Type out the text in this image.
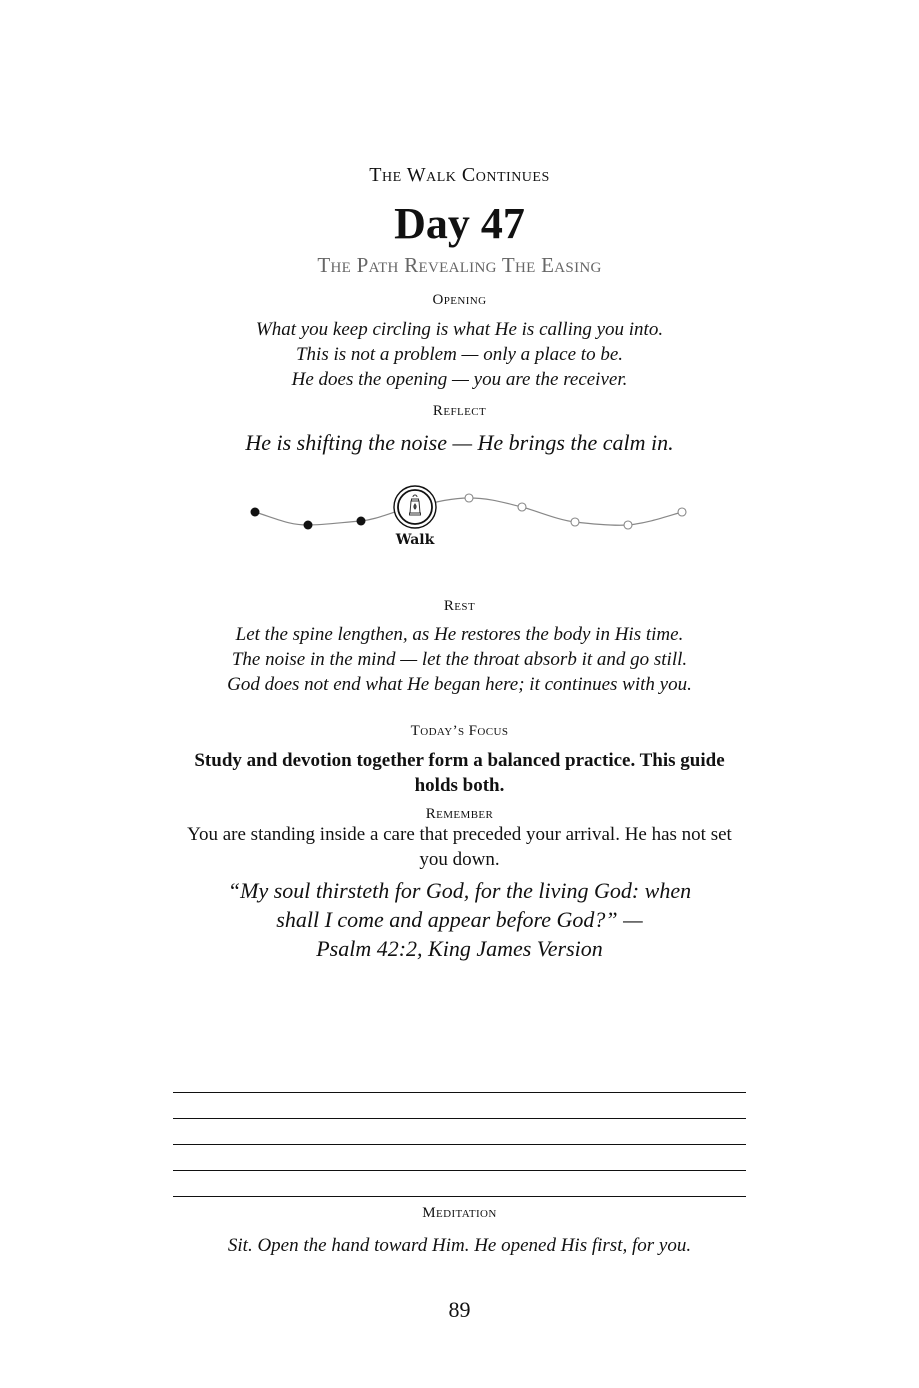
The Walk Continues
Day 47
The Path Revealing The Easing
Opening
What you keep circling is what He is calling you into.
This is not a problem — only a place to be.
He does the opening — you are the receiver.
Reflect
He is shifting the noise — He brings the calm in.
Walk
Rest
Let the spine lengthen, as He restores the body in His time.
The noise in the mind — let the throat absorb it and go still.
God does not end what He began here; it continues with you.
Today’s Focus
Study and devotion together form a balanced practice. This guide holds both.
Remember
You are standing inside a care that preceded your arrival. He has not set you down.
“My soul thirsteth for God, for the living God: when
shall I come and appear before God?” —
Psalm 42:2, King James Version
Meditation
Sit. Open the hand toward Him. He opened His first, for you.
89
